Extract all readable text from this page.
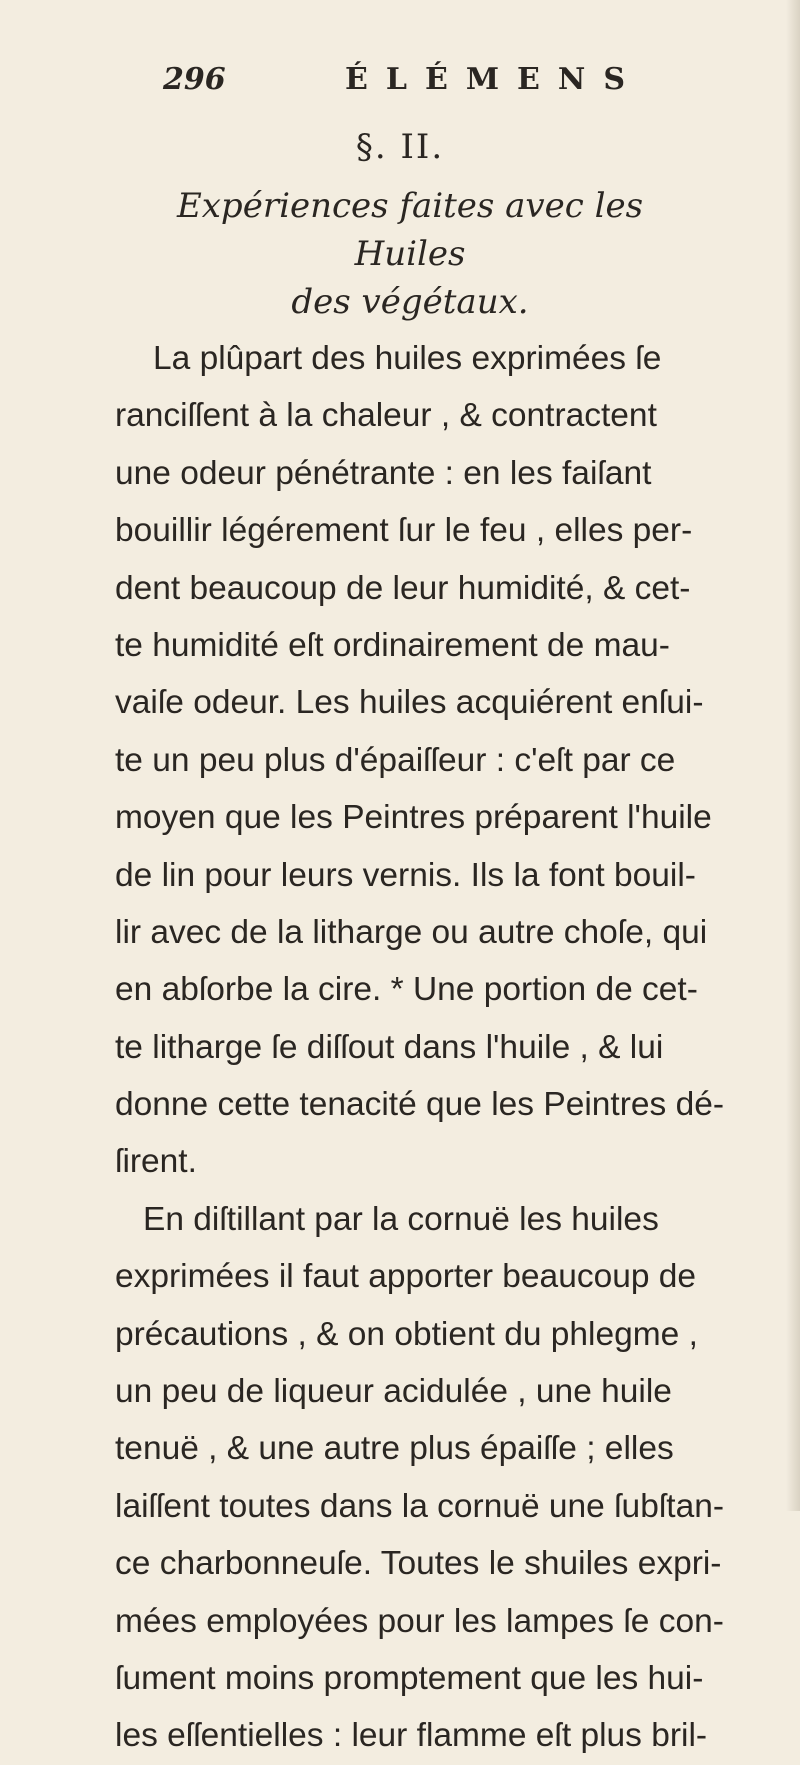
296	ÉLÉMENS
§. II.
Expériences faites avec les Huiles
des végétaux.
La plûpart des huiles exprimées ſe
ranciſſent à la chaleur , & contractent
une odeur pénétrante : en les faiſant
bouillir légérement ſur le feu , elles per-
dent beaucoup de leur humidité, & cet-
te humidité eſt ordinairement de mau-
vaiſe odeur. Les huiles acquiérent enſui-
te un peu plus d'épaiſſeur : c'eſt par ce
moyen que les Peintres préparent l'huile
de lin pour leurs vernis. Ils la font bouil-
lir avec de la litharge ou autre choſe, qui
en abſorbe la cire. * Une portion de cet-
te litharge ſe diſſout dans l'huile , & lui
donne cette tenacité que les Peintres dé-
ſirent.
En diſtillant par la cornuë les huiles
exprimées il faut apporter beaucoup de
précautions , & on obtient du phlegme ,
un peu de liqueur acidulée , une huile
tenuë , & une autre plus épaiſſe ; elles
laiſſent toutes dans la cornuë une ſubſtan-
ce charbonneuſe. Toutes le shuiles expri-
mées employées pour les lampes ſe con-
ſument moins promptement que les hui-
les eſſentielles : leur flamme eſt plus bril-
